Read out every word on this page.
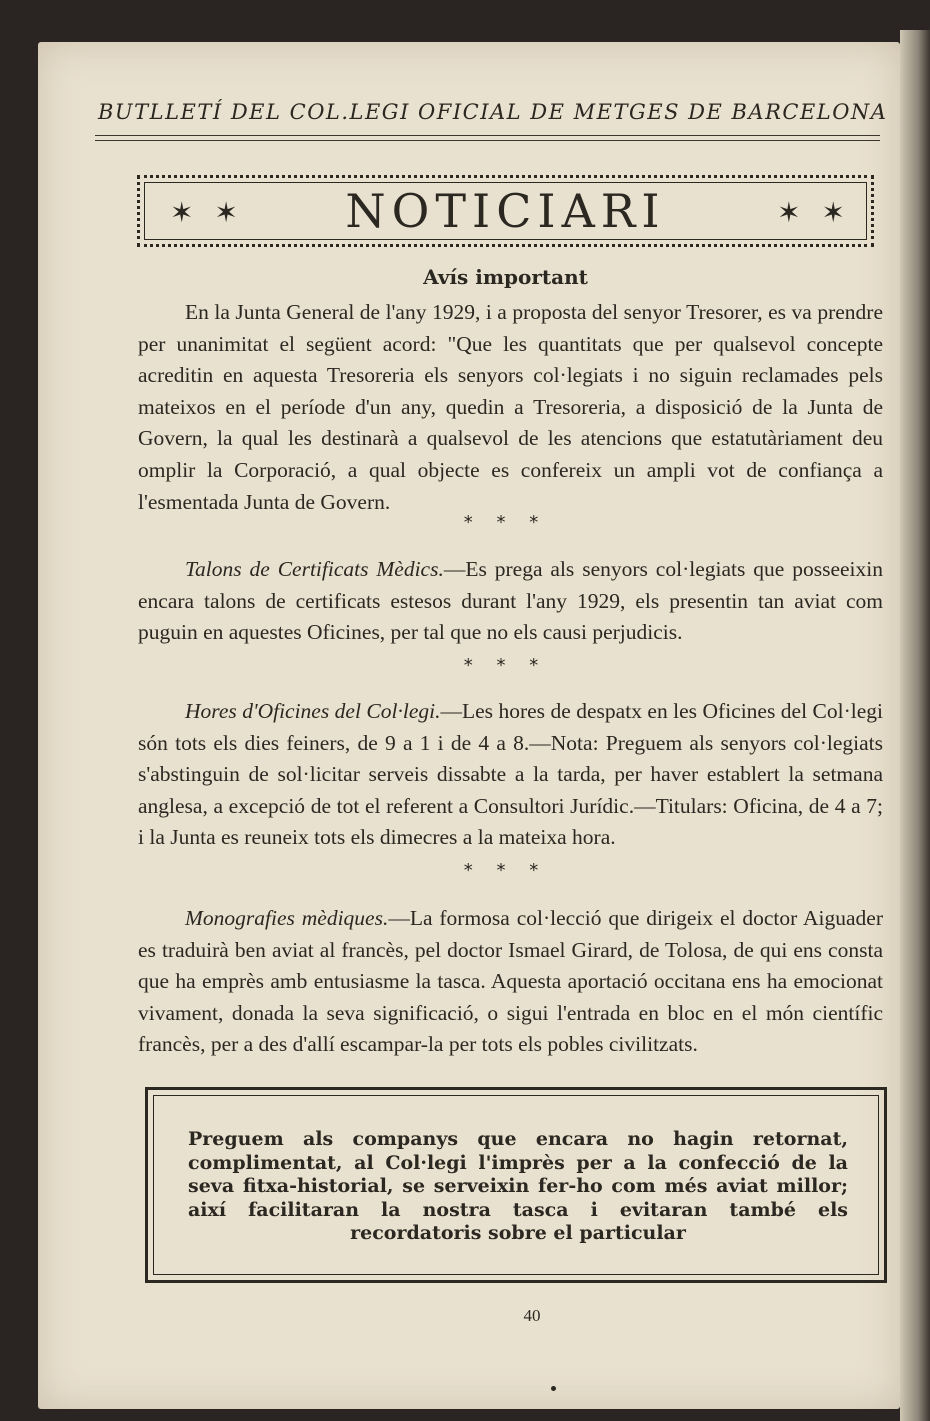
BUTLLETÍ DEL COL.LEGI OFICIAL DE METGES DE BARCELONA
✶ ✶	NOTICIARI	✶ ✶
Avís important
En la Junta General de l'any 1929, i a proposta del senyor Tresorer, es va prendre per unanimitat el següent acord: "Que les quantitats que per qualsevol concepte acreditin en aquesta Tresoreria els senyors col·legiats i no siguin reclamades pels mateixos en el període d'un any, quedin a Tresoreria, a disposició de la Junta de Govern, la qual les destinarà a qualsevol de les atencions que estatutàriament deu omplir la Corporació, a qual objecte es confereix un ampli vot de confiança a l'esmentada Junta de Govern.
* * *
Talons de Certificats Mèdics.—Es prega als senyors col·legiats que posseeixin encara talons de certificats estesos durant l'any 1929, els presentin tan aviat com puguin en aquestes Oficines, per tal que no els causi perjudicis.
* * *
Hores d'Oficines del Col·legi.—Les hores de despatx en les Oficines del Col·legi són tots els dies feiners, de 9 a 1 i de 4 a 8.—Nota: Preguem als senyors col·legiats s'abstinguin de sol·licitar serveis dissabte a la tarda, per haver establert la setmana anglesa, a excepció de tot el referent a Consultori Jurídic.—Titulars: Oficina, de 4 a 7; i la Junta es reuneix tots els dimecres a la mateixa hora.
* * *
Monografies mèdiques.—La formosa col·lecció que dirigeix el doctor Aiguader es traduirà ben aviat al francès, pel doctor Ismael Girard, de Tolosa, de qui ens consta que ha emprès amb entusiasme la tasca. Aquesta aportació occitana ens ha emocionat vivament, donada la seva significació, o sigui l'entrada en bloc en el món científic francès, per a des d'allí escampar-la per tots els pobles civilitzats.
Preguem als companys que encara no hagin retornat, complimentat, al Col·legi l'imprès per a la confecció de la seva fitxa-historial, se serveixin fer-ho com més aviat millor; així facilitaran la nostra tasca i evitaran també els recordatoris sobre el particular
40
